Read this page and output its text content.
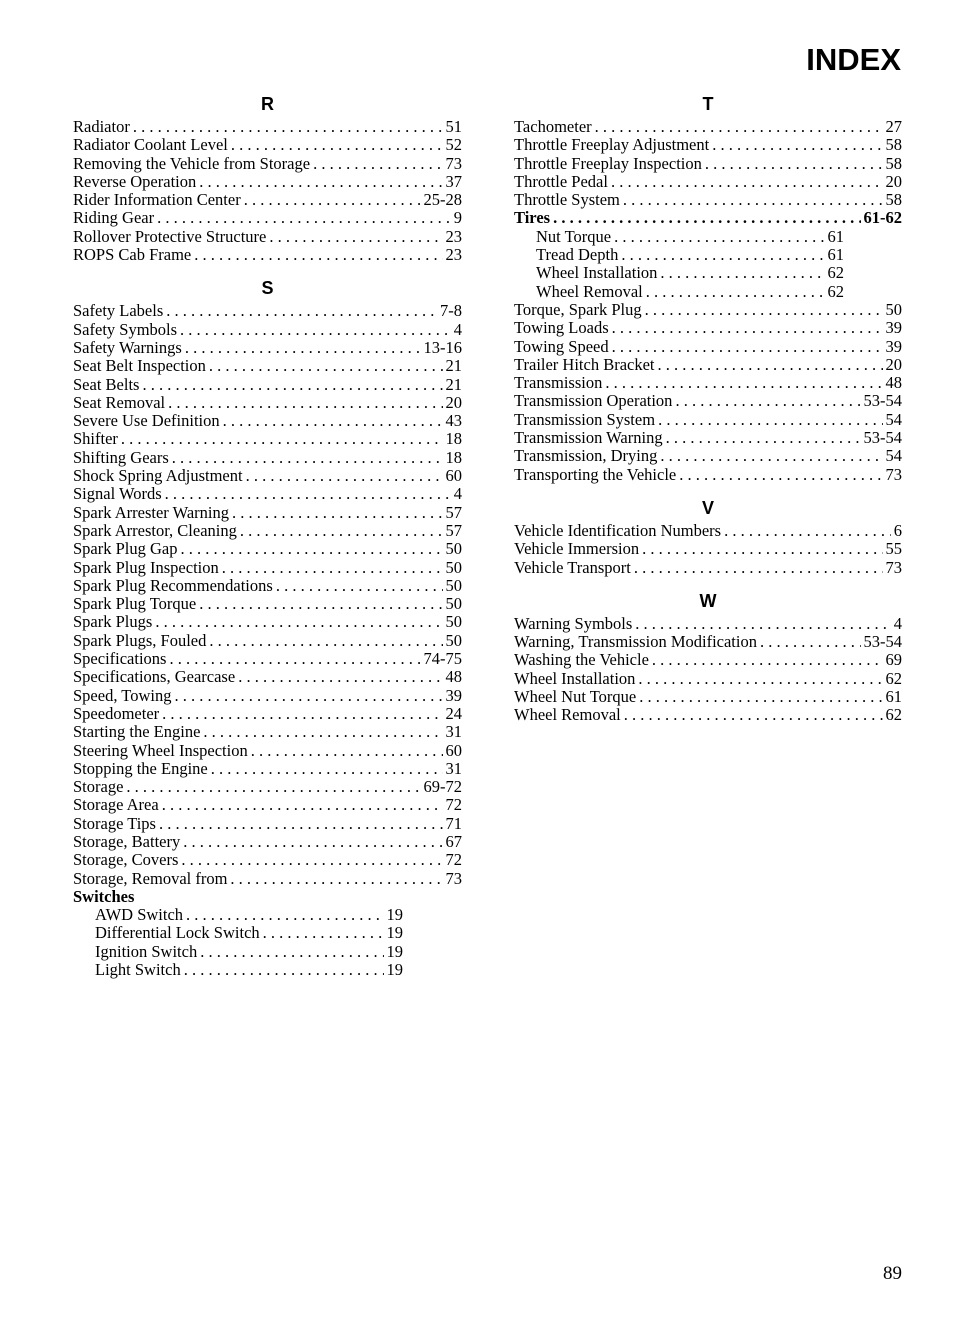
INDEX
R
Radiator . . .	51
Radiator Coolant Level . . .	52
Removing the Vehicle from Storage . . .	73
Reverse Operation . . .	37
Rider Information Center . . .	25-28
Riding Gear . . .	9
Rollover Protective Structure . . .	23
ROPS Cab Frame . . .	23
S
Safety Labels . . .	7-8
Safety Symbols . . .	4
Safety Warnings . . .	13-16
Seat Belt Inspection . . .	21
Seat Belts . . .	21
Seat Removal . . .	20
Severe Use Definition . . .	43
Shifter . . .	18
Shifting Gears . . .	18
Shock Spring Adjustment . . .	60
Signal Words . . .	4
Spark Arrester Warning . . .	57
Spark Arrestor, Cleaning . . .	57
Spark Plug Gap . . .	50
Spark Plug Inspection . . .	50
Spark Plug Recommendations . . .	50
Spark Plug Torque . . .	50
Spark Plugs . . .	50
Spark Plugs, Fouled . . .	50
Specifications . . .	74-75
Specifications, Gearcase . . .	48
Speed, Towing . . .	39
Speedometer . . .	24
Starting the Engine . . .	31
Steering Wheel Inspection . . .	60
Stopping the Engine . . .	31
Storage . . .	69-72
Storage Area . . .	72
Storage Tips . . .	71
Storage, Battery . . .	67
Storage, Covers . . .	72
Storage, Removal from . . .	73
Switches
AWD Switch . . .	19
Differential Lock Switch . . .	19
Ignition Switch . . .	19
Light Switch . . .	19
T
Tachometer . . .	27
Throttle Freeplay Adjustment . . .	58
Throttle Freeplay Inspection . . .	58
Throttle Pedal . . .	20
Throttle System . . .	58
Tires . . .	61-62
Nut Torque . . .	61
Tread Depth . . .	61
Wheel Installation . . .	62
Wheel Removal . . .	62
Torque, Spark Plug . . .	50
Towing Loads . . .	39
Towing Speed . . .	39
Trailer Hitch Bracket . . .	20
Transmission . . .	48
Transmission Operation . . .	53-54
Transmission System . . .	54
Transmission Warning . . .	53-54
Transmission, Drying . . .	54
Transporting the Vehicle . . .	73
V
Vehicle Identification Numbers . . .	6
Vehicle Immersion . . .	55
Vehicle Transport . . .	73
W
Warning Symbols . . .	4
Warning, Transmission Modification . . .	53-54
Washing the Vehicle . . .	69
Wheel Installation . . .	62
Wheel Nut Torque . . .	61
Wheel Removal . . .	62

89
